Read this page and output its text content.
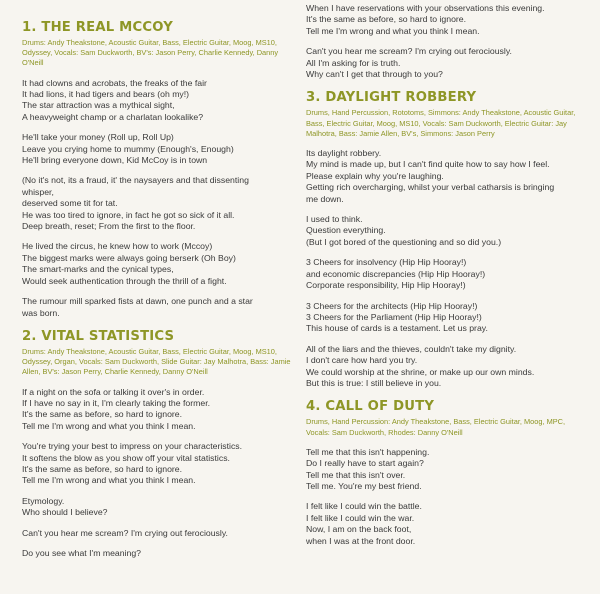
1. THE REAL MCCOY
Drums: Andy Theakstone, Acoustic Guitar, Bass, Electric Guitar, Moog, MS10, Odyssey, Vocals: Sam Duckworth, BV's: Jason Perry, Charlie Kennedy, Danny O'Neill
It had clowns and acrobats, the freaks of the fair
It had lions, it had tigers and bears (oh my!)
The star attraction was a mythical sight,
A heavyweight champ or a charlatan lookalike?
He'll take your money (Roll up, Roll Up)
Leave you crying home to mummy (Enough's, Enough)
He'll bring everyone down, Kid McCoy is in town
(No it's not, its a fraud, it' the naysayers and that dissenting
whisper,
deserved some tit for tat.
He was too tired to ignore, in fact he got so sick of it all.
Deep breath, reset; From the first to the floor.
He lived the circus, he knew how to work (Mccoy)
The biggest marks were always going berserk (Oh Boy)
The smart-marks and the cynical types,
Would seek authentication through the thrill of a fight.
The rumour mill sparked fists at dawn, one punch and a star
was born.
2. VITAL STATISTICS
Drums: Andy Theakstone, Acoustic Guitar, Bass, Electric Guitar, Moog, MS10, Odyssey, Organ, Vocals: Sam Duckworth, Slide Guitar: Jay Malhotra, Bass: Jamie Allen, BV's: Jason Perry, Charlie Kennedy, Danny O'Neill
If a night on the sofa or talking it over's in order.
If I have no say in it, I'm clearly taking the former.
It's the same as before, so hard to ignore.
Tell me I'm wrong and what you think I mean.
You're trying your best to impress on your characteristics.
It softens the blow as you show off your vital statistics.
It's the same as before, so hard to ignore.
Tell me I'm wrong and what you think I mean.
Etymology.
Who should I believe?
Can't you hear me scream? I'm crying out ferociously.
Do you see what I'm meaning?
When I have reservations with your observations this evening.
It's the same as before, so hard to ignore.
Tell me I'm wrong and what you think I mean.
Can't you hear me scream? I'm crying out ferociously.
All I'm asking for is truth.
Why can't I get that through to you?
3. DAYLIGHT ROBBERY
Drums, Hand Percussion, Rototoms, Simmons: Andy Theakstone, Acoustic Guitar, Bass, Electric Guitar, Moog, MS10, Vocals: Sam Duckworth, Electric Guitar: Jay Malhotra, Bass: Jamie Allen, BV's, Simmons: Jason Perry
Its daylight robbery.
My mind is made up, but I can't find quite how to say how I feel.
Please explain why you're laughing.
Getting rich overcharging, whilst your verbal catharsis is bringing
me down.
I used to think.
Question everything.
(But I got bored of the questioning and so did you.)
3 Cheers for insolvency (Hip Hip Hooray!)
and economic discrepancies (Hip Hip Hooray!)
Corporate responsibility, Hip Hip Hooray!)
3 Cheers for the architects (Hip Hip Hooray!)
3 Cheers for the Parliament (Hip Hip Hooray!)
This house of cards is a testament. Let us pray.
All of the liars and the thieves, couldn't take my dignity.
I don't care how hard you try.
We could worship at the shrine, or make up our own minds.
But this is true: I still believe in you.
4. CALL OF DUTY
Drums, Hand Percussion: Andy Theakstone, Bass, Electric Guitar, Moog, MPC, Vocals: Sam Duckworth, Rhodes: Danny O'Neill
Tell me that this isn't happening.
Do I really have to start again?
Tell me that this isn't over.
Tell me. You're my best friend.
I felt like I could win the battle.
I felt like I could win the war.
Now, I am on the back foot,
when I was at the front door.
